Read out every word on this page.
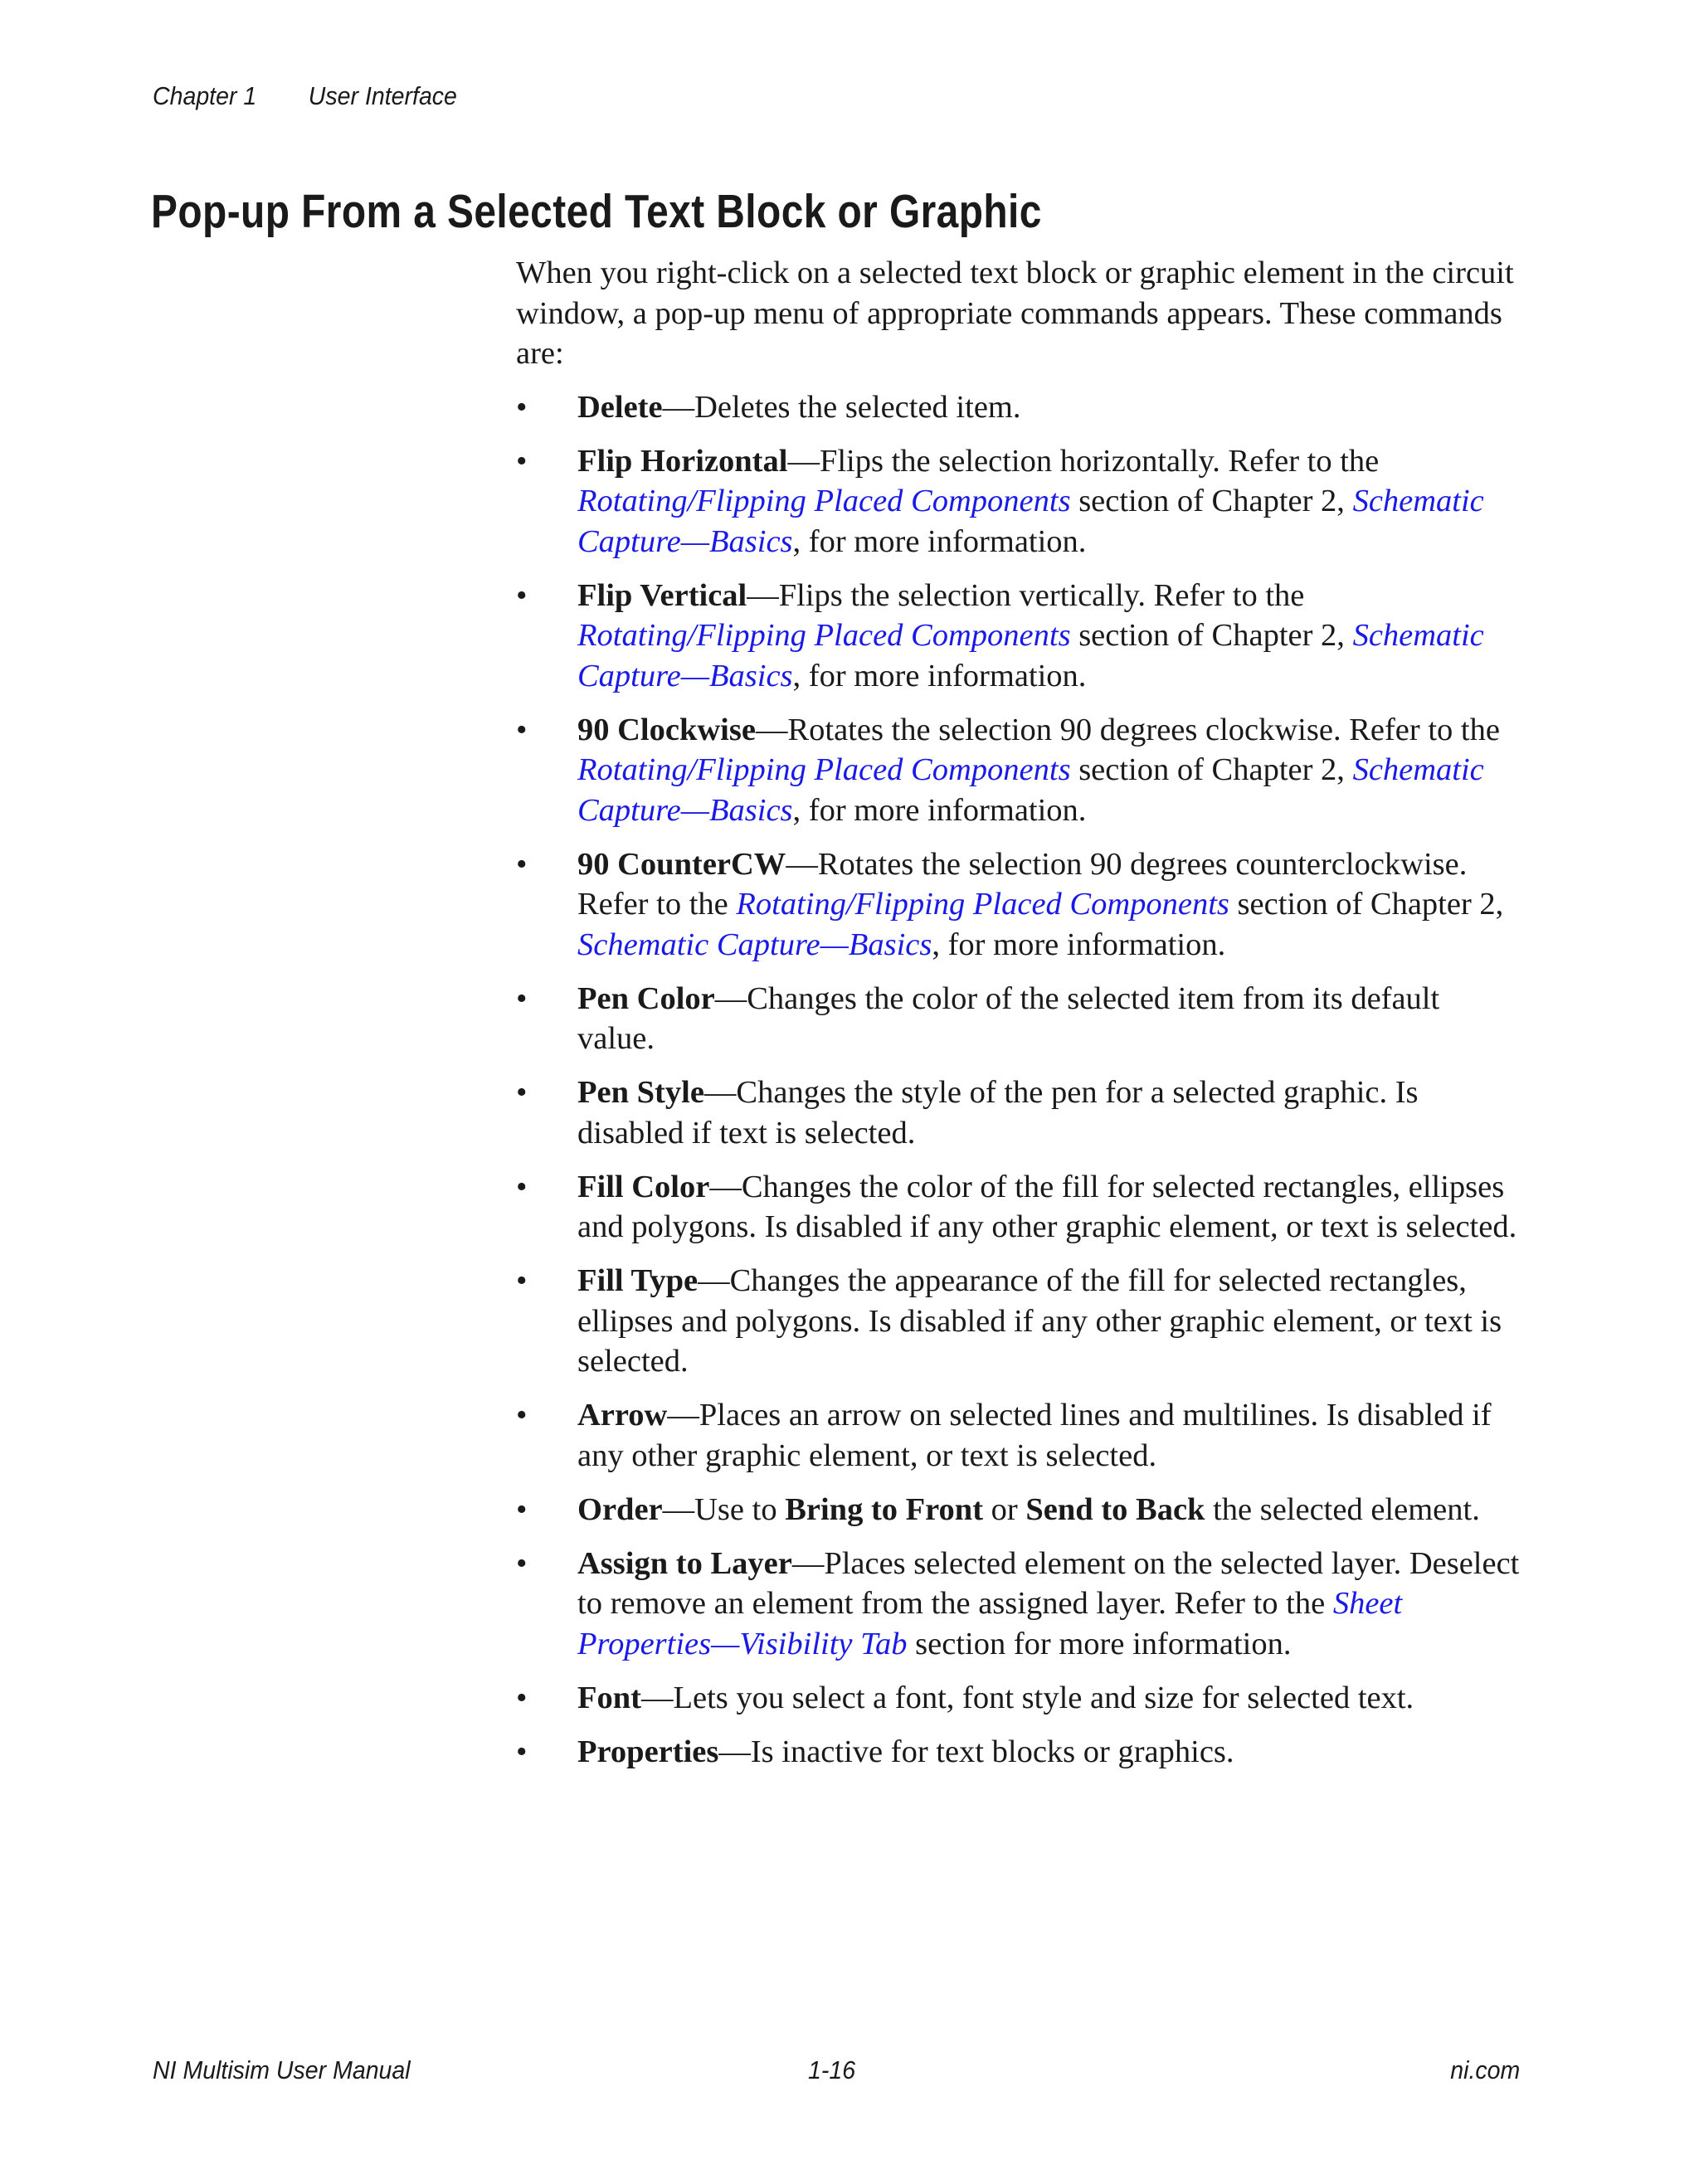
Chapter 1 User Interface
Pop-up From a Selected Text Block or Graphic

When you right-click on a selected text block or graphic element in the circuit window, a pop-up menu of appropriate commands appears. These commands are:

• Delete—Deletes the selected item.
• Flip Horizontal—Flips the selection horizontally. Refer to the Rotating/Flipping Placed Components section of Chapter 2, Schematic Capture—Basics, for more information.
• Flip Vertical—Flips the selection vertically. Refer to the Rotating/Flipping Placed Components section of Chapter 2, Schematic Capture—Basics, for more information.
• 90 Clockwise—Rotates the selection 90 degrees clockwise. Refer to the Rotating/Flipping Placed Components section of Chapter 2, Schematic Capture—Basics, for more information.
• 90 CounterCW—Rotates the selection 90 degrees counterclockwise. Refer to the Rotating/Flipping Placed Components section of Chapter 2, Schematic Capture—Basics, for more information.
• Pen Color—Changes the color of the selected item from its default value.
• Pen Style—Changes the style of the pen for a selected graphic. Is disabled if text is selected.
• Fill Color—Changes the color of the fill for selected rectangles, ellipses and polygons. Is disabled if any other graphic element, or text is selected.
• Fill Type—Changes the appearance of the fill for selected rectangles, ellipses and polygons. Is disabled if any other graphic element, or text is selected.
• Arrow—Places an arrow on selected lines and multilines. Is disabled if any other graphic element, or text is selected.
• Order—Use to Bring to Front or Send to Back the selected element.
• Assign to Layer—Places selected element on the selected layer. Deselect to remove an element from the assigned layer. Refer to the Sheet Properties—Visibility Tab section for more information.
• Font—Lets you select a font, font style and size for selected text.
• Properties—Is inactive for text blocks or graphics.
NI Multisim User Manual	1-16	ni.com
